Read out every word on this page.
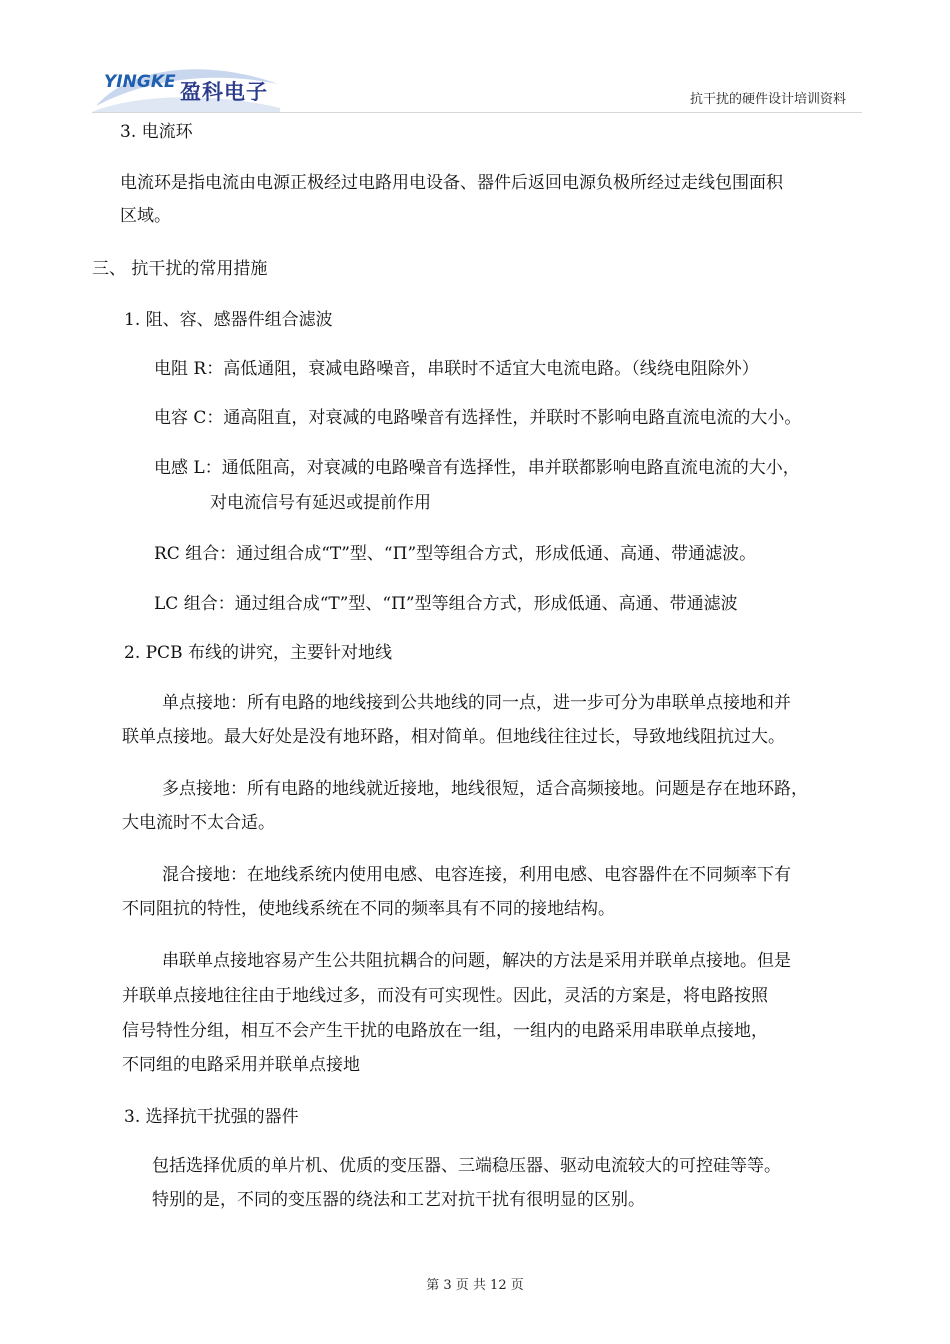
YINGKE 盈科电子	抗干扰的硬件设计培训资料
3. 电流环
电流环是指电流由电源正极经过电路用电设备、器件后返回电源负极所经过走线包围面积
区域。
三、 抗干扰的常用措施
1. 阻、容、感器件组合滤波
电阻 R：高低通阻，衰减电路噪音，串联时不适宜大电流电路。（线绕电阻除外）
电容 C：通高阻直，对衰减的电路噪音有选择性，并联时不影响电路直流电流的大小。
电感 L：通低阻高，对衰减的电路噪音有选择性，串并联都影响电路直流电流的大小，
对电流信号有延迟或提前作用
RC 组合：通过组合成“T”型、“Π”型等组合方式，形成低通、高通、带通滤波。
LC 组合：通过组合成“T”型、“Π”型等组合方式，形成低通、高通、带通滤波
2. PCB 布线的讲究，主要针对地线
单点接地：所有电路的地线接到公共地线的同一点，进一步可分为串联单点接地和并
联单点接地。最大好处是没有地环路，相对简单。但地线往往过长，导致地线阻抗过大。
多点接地：所有电路的地线就近接地，地线很短，适合高频接地。问题是存在地环路，
大电流时不太合适。
混合接地：在地线系统内使用电感、电容连接，利用电感、电容器件在不同频率下有
不同阻抗的特性，使地线系统在不同的频率具有不同的接地结构。
串联单点接地容易产生公共阻抗耦合的问题，解决的方法是采用并联单点接地。但是
并联单点接地往往由于地线过多，而没有可实现性。因此，灵活的方案是，将电路按照
信号特性分组，相互不会产生干扰的电路放在一组，一组内的电路采用串联单点接地，
不同组的电路采用并联单点接地
3. 选择抗干扰强的器件
包括选择优质的单片机、优质的变压器、三端稳压器、驱动电流较大的可控硅等等。
特别的是，不同的变压器的绕法和工艺对抗干扰有很明显的区别。
第 3 页 共 12 页
